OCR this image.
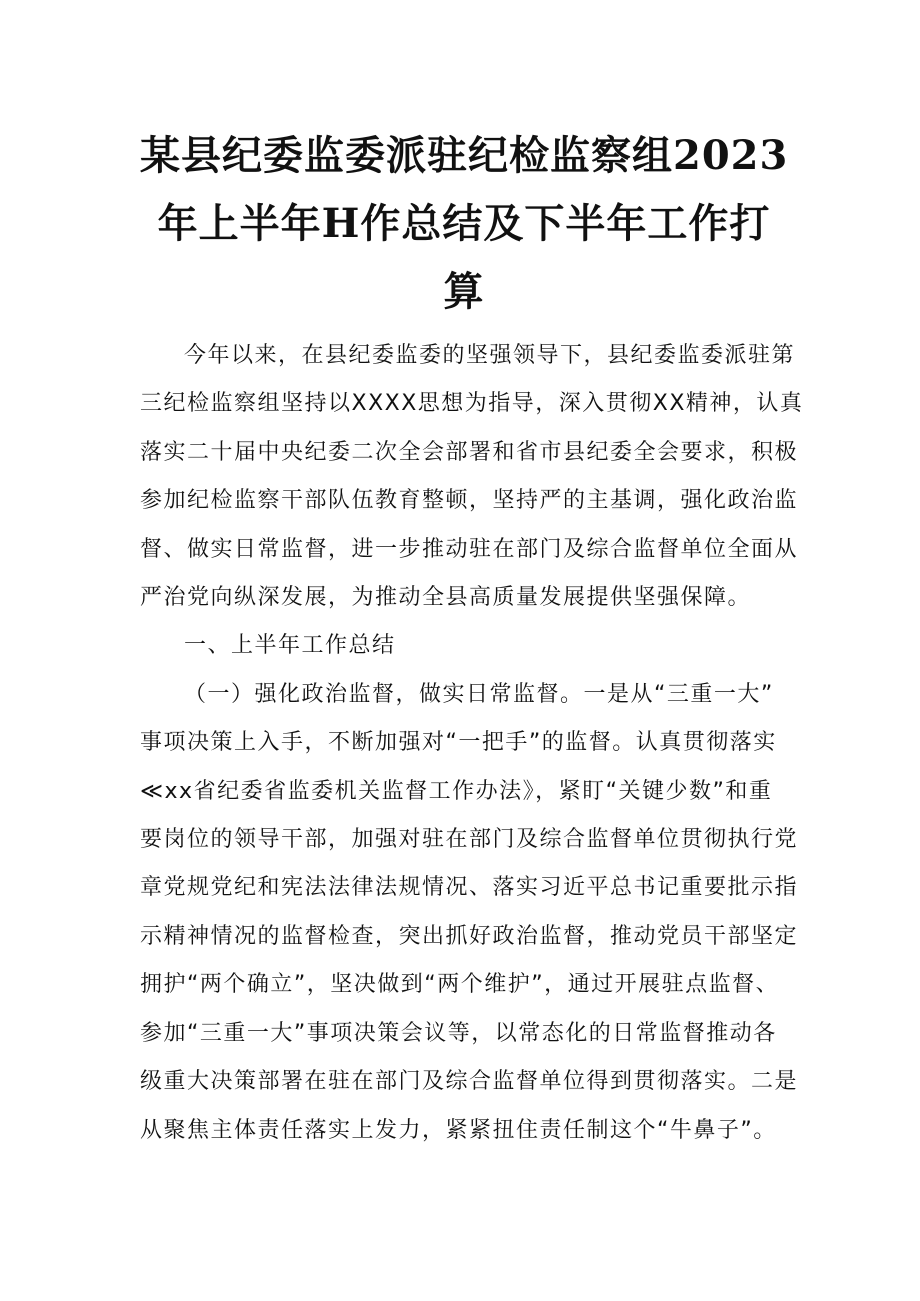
某县纪委监委派驻纪检监察组2023
年上半年H作总结及下半年工作打
算

今年以来，在县纪委监委的坚强领导下，县纪委监委派驻第
三纪检监察组坚持以XXXX思想为指导，深入贯彻XX精神，认真
落实二十届中央纪委二次全会部署和省市县纪委全会要求，积极
参加纪检监察干部队伍教育整顿，坚持严的主基调，强化政治监
督、做实日常监督，进一步推动驻在部门及综合监督单位全面从
严治党向纵深发展，为推动全县高质量发展提供坚强保障。

一、上半年工作总结

（一）强化政治监督，做实日常监督。一是从“三重一大”
事项决策上入手，不断加强对“一把手”的监督。认真贯彻落实
≪xx省纪委省监委机关监督工作办法》，紧盯“关键少数”和重
要岗位的领导干部，加强对驻在部门及综合监督单位贯彻执行党
章党规党纪和宪法法律法规情况、落实习近平总书记重要批示指
示精神情况的监督检查，突出抓好政治监督，推动党员干部坚定
拥护“两个确立”，坚决做到“两个维护”，通过开展驻点监督、
参加“三重一大”事项决策会议等，以常态化的日常监督推动各
级重大决策部署在驻在部门及综合监督单位得到贯彻落实。二是
从聚焦主体责任落实上发力，紧紧扭住责任制这个“牛鼻子”。
